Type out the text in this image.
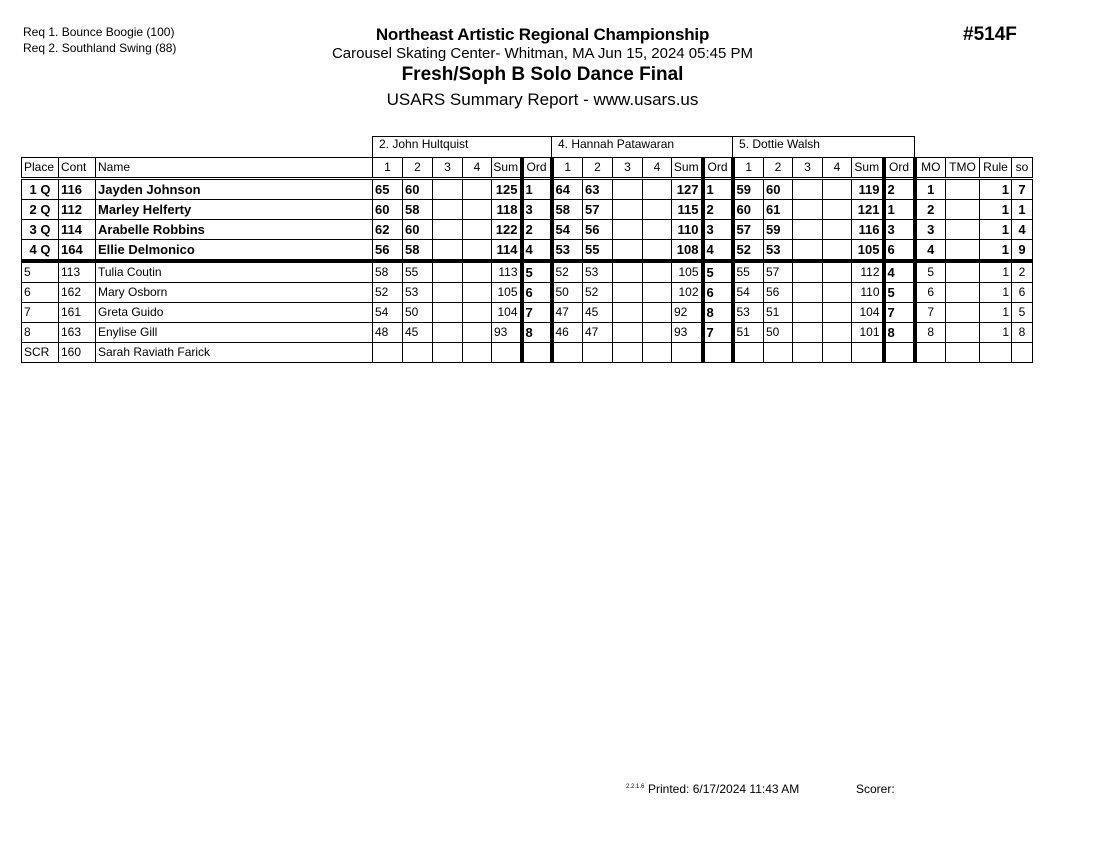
Req 1. Bounce Boogie (100)
Req 2. Southland Swing (88)
Northeast Artistic Regional Championship
Carousel Skating Center- Whitman, MA Jun 15, 2024 05:45 PM
Fresh/Soph B Solo Dance Final
USARS Summary Report - www.usars.us
#514F
			2. John Hultquist						4. Hannah Patawaran						5. Dottie Walsh									
Place	Cont	Name	1	2	3	4	Sum	Ord	1	2	3	4	Sum	Ord	1	2	3	4	Sum	Ord	MO	TMO	Rule	so
1 Q	116	Jayden Johnson	65	60			125	1	64	63			127	1	59	60			119	2	1		1	7
2 Q	112	Marley Helferty	60	58			118	3	58	57			115	2	60	61			121	1	2		1	1
3 Q	114	Arabelle Robbins	62	60			122	2	54	56			110	3	57	59			116	3	3		1	4
4 Q	164	Ellie Delmonico	56	58			114	4	53	55			108	4	52	53			105	6	4		1	9
5	113	Tulia Coutin	58	55			113	5	52	53			105	5	55	57			112	4	5		1	2
6	162	Mary Osborn	52	53			105	6	50	52			102	6	54	56			110	5	6		1	6
7	161	Greta Guido	54	50			104	7	47	45			92	8	53	51			104	7	7		1	5
8	163	Enylise Gill	48	45			93	8	46	47			93	7	51	50			101	8	8		1	8
SCR	160	Sarah Raviath Farick																						
$^{2.2.1.6}$ Printed: 6/17/2024 11:43 AM	Scorer:
